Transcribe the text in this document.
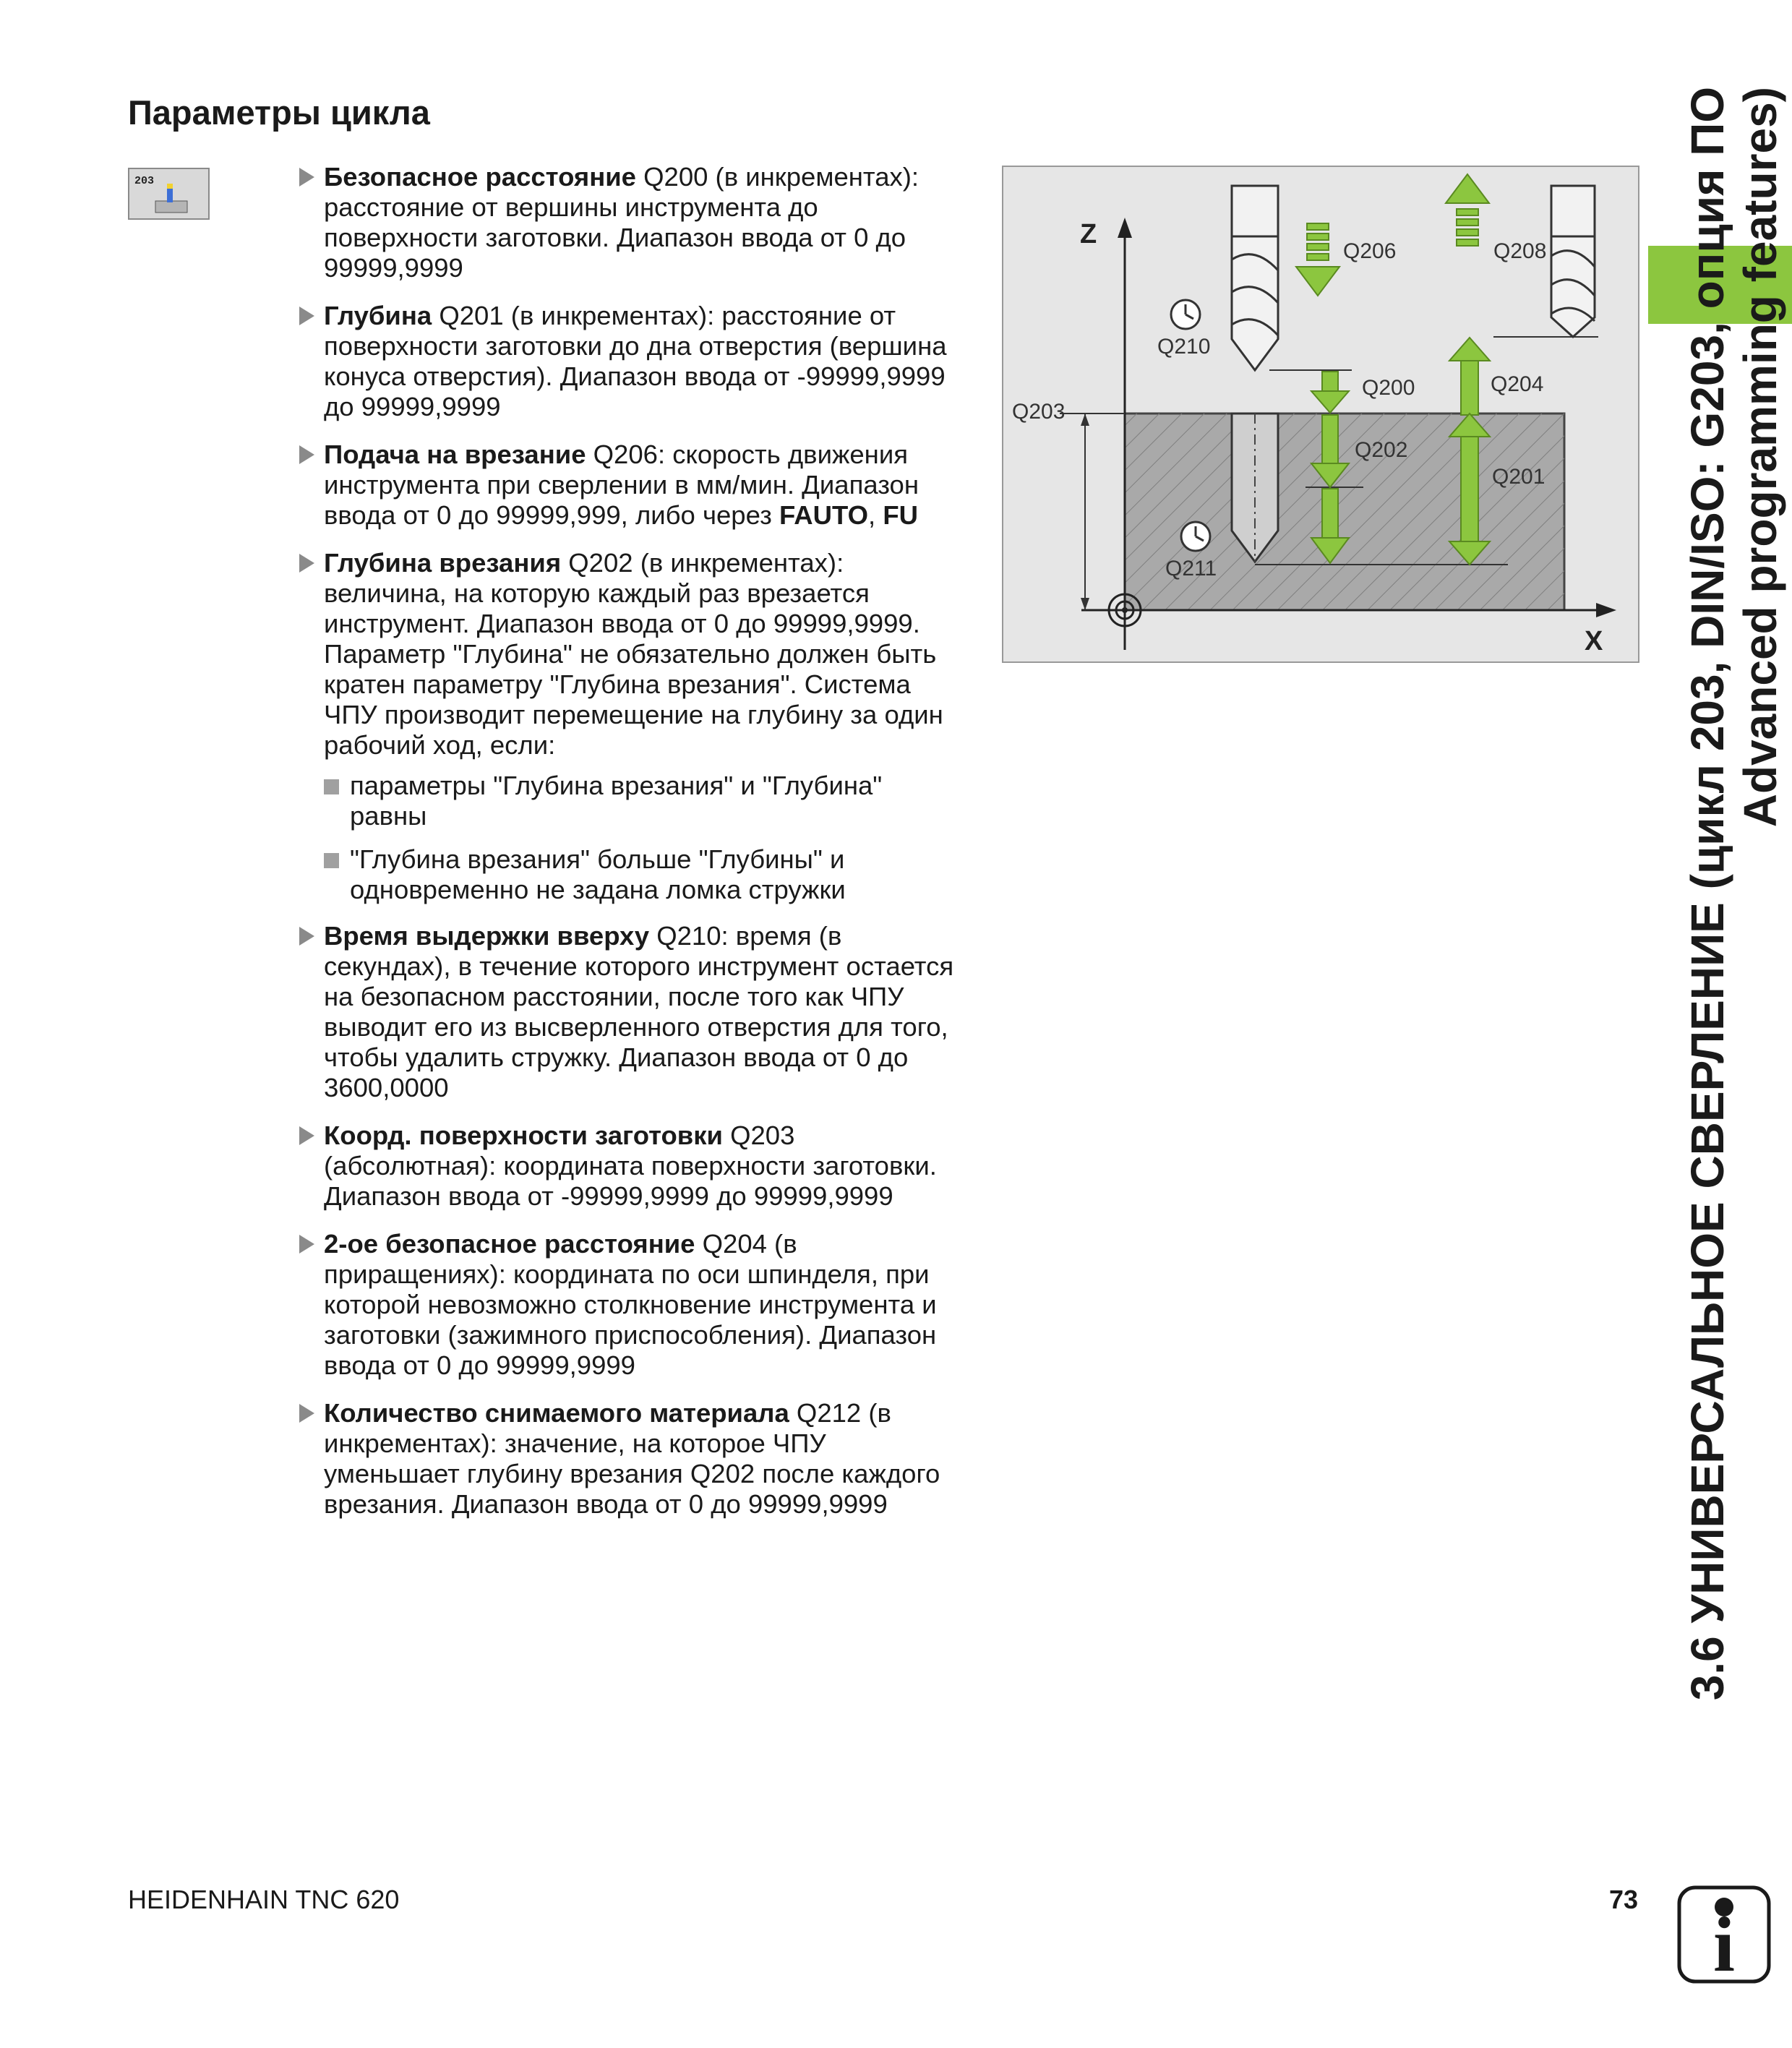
Параметры цикла
203	Безопасное расстояние Q200 (в инкрементах): расстояние от вершины инструмента до поверхности заготовки. Диапазон ввода от 0 до 99999,9999
Глубина Q201 (в инкрементах): расстояние от поверхности заготовки до дна отверстия (вершина конуса отверстия). Диапазон ввода от -99999,9999 до 99999,9999
Подача на врезание Q206: скорость движения инструмента при сверлении в мм/мин. Диапазон ввода от 0 до 99999,999, либо через FAUTO, FU
Глубина врезания Q202 (в инкрементах): величина, на которую каждый раз врезается инструмент. Диапазон ввода от 0 до 99999,9999. Параметр "Глубина" не обязательно должен быть кратен параметру "Глубина врезания". Система ЧПУ производит перемещение на глубину за один рабочий ход, если:
параметры "Глубина врезания" и "Глубина" равны
"Глубина врезания" больше "Глубины" и одновременно не задана ломка стружки
Время выдержки вверху Q210: время (в секундах), в течение которого инструмент остается на безопасном расстоянии, после того как ЧПУ выводит его из высверленного отверстия для того, чтобы удалить стружку. Диапазон ввода от 0 до 3600,0000
Коорд. поверхности заготовки Q203 (абсолютная): координата поверхности заготовки. Диапазон ввода от -99999,9999 до 99999,9999
2-ое безопасное расстояние Q204 (в приращениях): координата по оси шпинделя, при которой невозможно столкновение инструмента и заготовки (зажимного приспособления). Диапазон ввода от 0 до 99999,9999
Количество снимаемого материала Q212 (в инкрементах): значение, на которое ЧПУ уменьшает глубину врезания Q202 после каждого врезания. Диапазон ввода от 0 до 99999,9999
Z
X
Q203
Q206	Q208
Q210
Q211
Q200
Q202
Q204
Q201	3.6 УНИВЕРСАЛЬНОЕ СВЕРЛЕНИЕ (цикл 203, DIN/ISO: G203, опция ПО Advanced programming features)
HEIDENHAIN TNC 620	73
i
